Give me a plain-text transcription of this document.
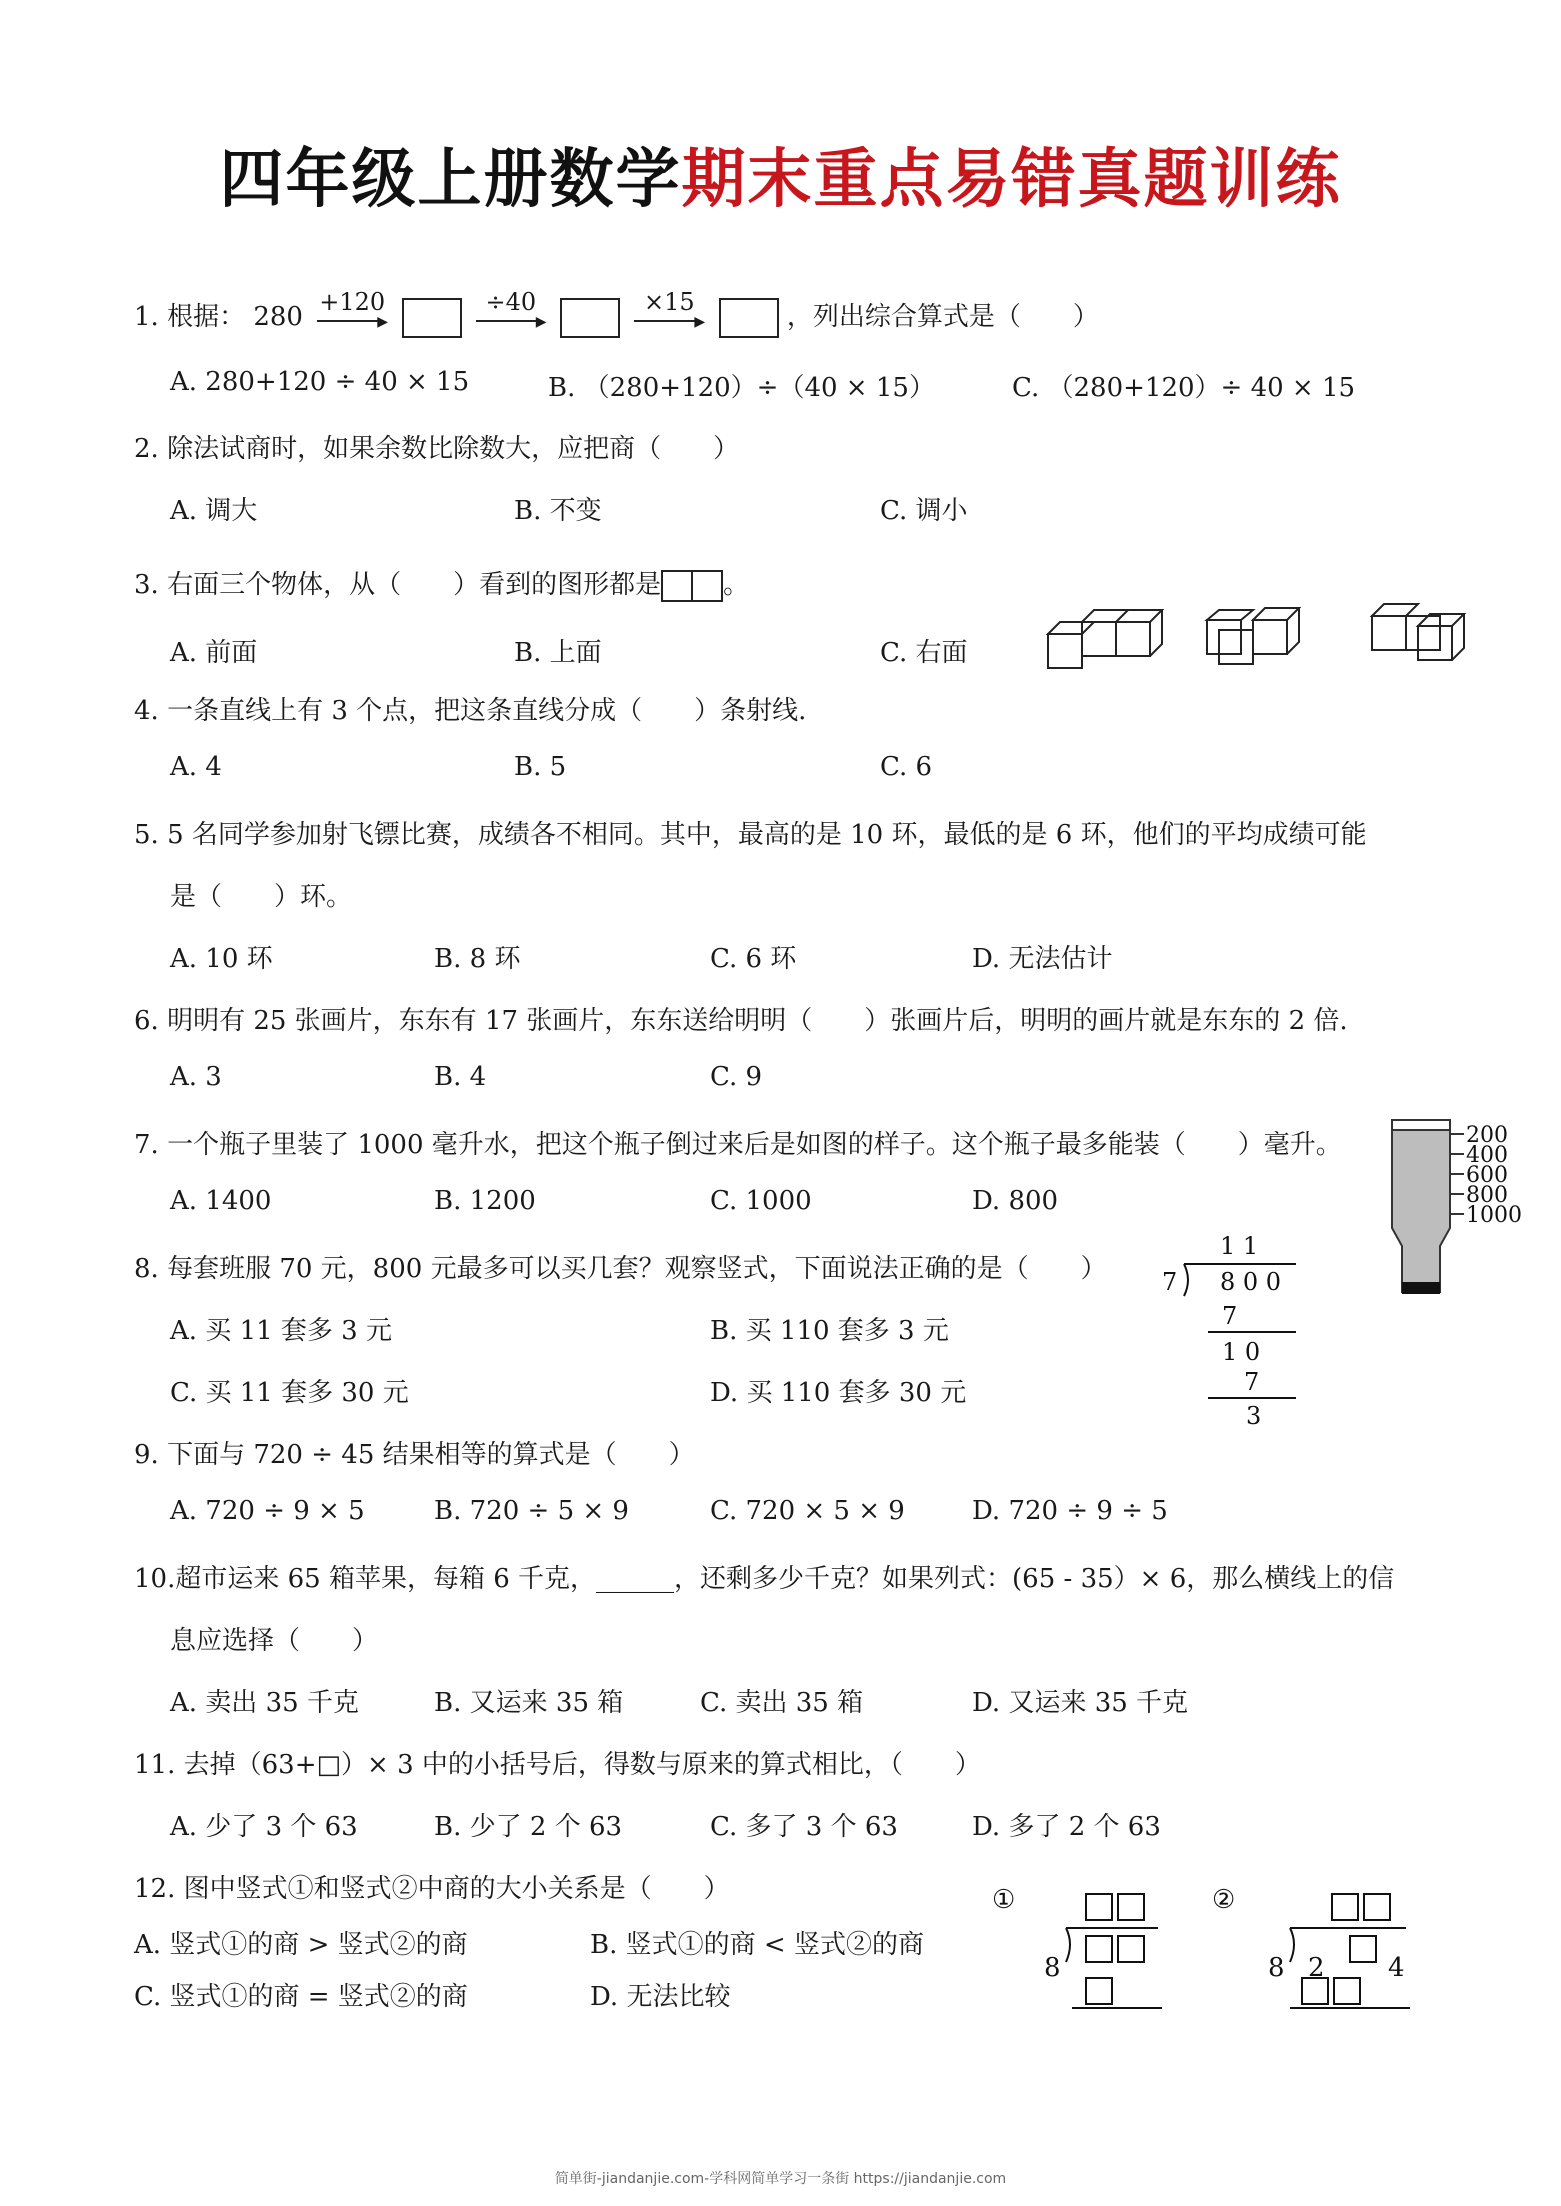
四年级上册数学期末重点易错真题训练
1. 根据： 280 +120
▶

÷40
▶

×15
▶	，列出综合算式是（　　）
A. 280+120 ÷ 40 × 15	B. （280+120）÷（40 × 15）	C. （280+120）÷ 40 × 15
2. 除法试商时，如果余数比除数大，应把商（　　）
A. 调大	B. 不变	C. 调小
3. 右面三个物体，从（　　）看到的图形都是 。
A. 前面	B. 上面	C. 右面
4. 一条直线上有 3 个点，把这条直线分成（　　）条射线.
A. 4	B. 5	C. 6
5. 5 名同学参加射飞镖比赛，成绩各不相同。其中，最高的是 10 环，最低的是 6 环，他们的平均成绩可能
是（　　）环。
A. 10 环	B. 8 环	C. 6 环	D. 无法估计
6. 明明有 25 张画片，东东有 17 张画片，东东送给明明（　　）张画片后，明明的画片就是东东的 2 倍.
A. 3	B. 4	C. 9
7. 一个瓶子里装了 1000 毫升水，把这个瓶子倒过来后是如图的样子。这个瓶子最多能装（　　）毫升。
A. 1400	B. 1200	C. 1000	D. 800
200
400
600
800
1000
8. 每套班服 70 元，800 元最多可以买几套？观察竖式，下面说法正确的是（　　）
A. 买 11 套多 3 元	B. 买 110 套多 3 元
C. 买 11 套多 30 元	D. 买 110 套多 30 元
1 1
7 8 0 0
7
1 0
7
3
9. 下面与 720 ÷ 45 结果相等的算式是（　　）
A. 720 ÷ 9 × 5	B. 720 ÷ 5 × 9	C. 720 × 5 × 9	D. 720 ÷ 9 ÷ 5
10.超市运来 65 箱苹果，每箱 6 千克，______，还剩多少千克？如果列式：(65 - 35）× 6，那么横线上的信
息应选择（　　）
A. 卖出 35 千克	B. 又运来 35 箱	C. 卖出 35 箱	D. 又运来 35 千克
11. 去掉（63+□）× 3 中的小括号后，得数与原来的算式相比，（　　）
A. 少了 3 个 63	B. 少了 2 个 63	C. 多了 3 个 63	D. 多了 2 个 63
12. 图中竖式①和竖式②中商的大小关系是（　　）
A. 竖式①的商 > 竖式②的商	B. 竖式①的商 < 竖式②的商
C. 竖式①的商 = 竖式②的商	D. 无法比较
①
8
②
8 2 4
简单街-jiandanjie.com-学科网简单学习一条街 https://jiandanjie.com
